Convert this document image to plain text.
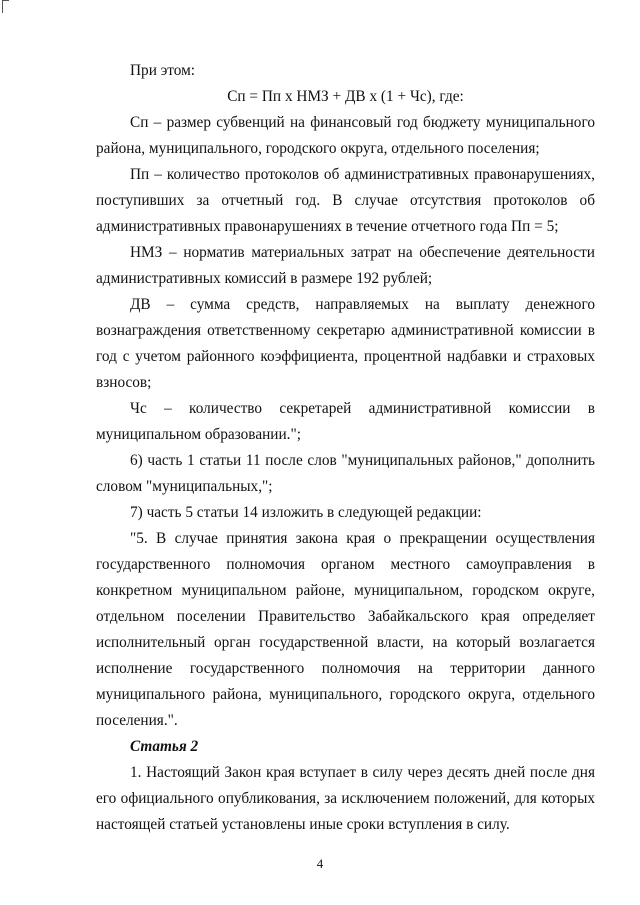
При этом:

Сп = Пп х НМЗ + ДВ х (1 + Чс), где:

Сп – размер субвенций на финансовый год бюджету муниципального района, муниципального, городского округа, отдельного поселения;

Пп – количество протоколов об административных правонарушениях, поступивших за отчетный год. В случае отсутствия протоколов об административных правонарушениях в течение отчетного года Пп = 5;

НМЗ – норматив материальных затрат на обеспечение деятельности административных комиссий в размере 192 рублей;

ДВ – сумма средств, направляемых на выплату денежного вознаграждения ответственному секретарю административной комиссии в год с учетом районного коэффициента, процентной надбавки и страховых взносов;

Чс – количество секретарей административной комиссии в муниципальном образовании.";

6) часть 1 статьи 11 после слов "муниципальных районов," дополнить словом "муниципальных,";

7) часть 5 статьи 14 изложить в следующей редакции:

"5. В случае принятия закона края о прекращении осуществления государственного полномочия органом местного самоуправления в конкретном муниципальном районе, муниципальном, городском округе, отдельном поселении Правительство Забайкальского края определяет исполнительный орган государственной власти, на который возлагается исполнение государственного полномочия на территории данного муниципального района, муниципального, городского округа, отдельного поселения.".

Статья 2

1. Настоящий Закон края вступает в силу через десять дней после дня его официального опубликования, за исключением положений, для которых настоящей статьей установлены иные сроки вступления в силу.

4
